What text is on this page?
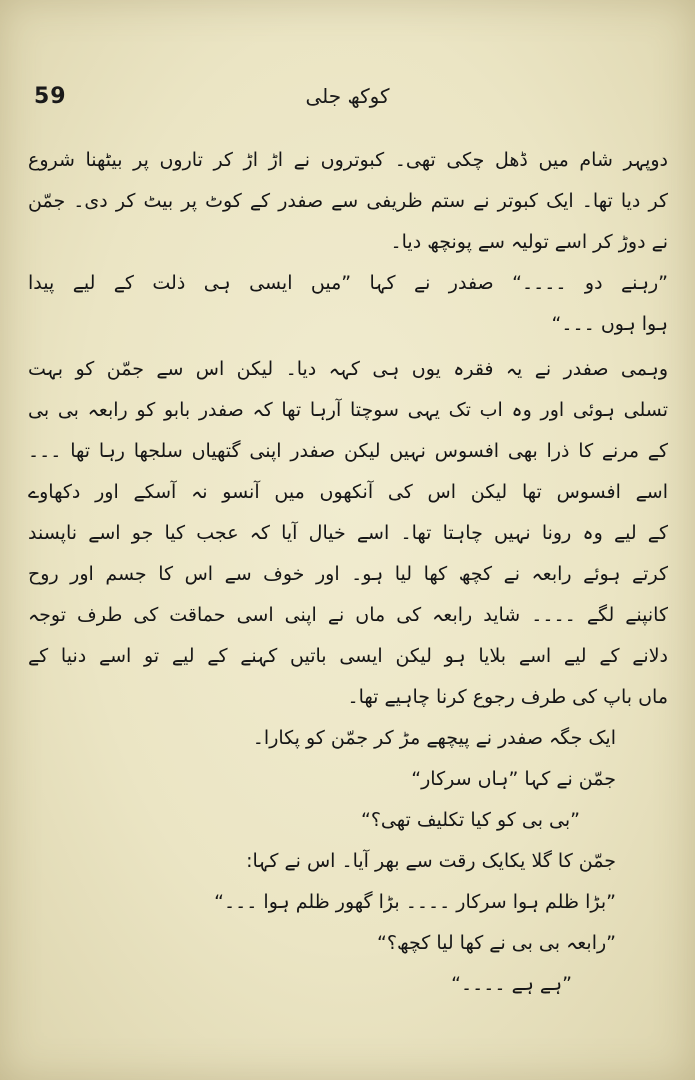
59	کوکھ جلی
دوپہر شام میں ڈھل چکی تھی۔ کبوتروں نے اڑ اڑ کر تاروں پر بیٹھنا شروع
کر دیا تھا۔ ایک کبوتر نے ستم ظریفی سے صفدر کے کوٹ پر بیٹ کر دی۔ جمّن
نے دوڑ کر اسے تولیہ سے پونچھ دیا۔
”رہنے دو ۔۔۔۔“ صفدر نے کہا ”میں ایسی ہی ذلت کے لیے پیدا
ہوا ہوں ۔۔۔“
وہمی صفدر نے یہ فقرہ یوں ہی کہہ دیا۔ لیکن اس سے جمّن کو بہت
تسلی ہوئی اور وہ اب تک یہی سوچتا آرہا تھا کہ صفدر بابو کو رابعہ بی بی
کے مرنے کا ذرا بھی افسوس نہیں لیکن صفدر اپنی گتھیاں سلجھا رہا تھا ۔۔۔
اسے افسوس تھا لیکن اس کی آنکھوں میں آنسو نہ آسکے اور دکھاوے
کے لیے وہ رونا نہیں چاہتا تھا۔ اسے خیال آیا کہ عجب کیا جو اسے ناپسند
کرتے ہوئے رابعہ نے کچھ کھا لیا ہو۔ اور خوف سے اس کا جسم اور روح
کانپنے لگے ۔۔۔۔ شاید رابعہ کی ماں نے اپنی اسی حماقت کی طرف توجہ
دلانے کے لیے اسے بلایا ہو لیکن ایسی باتیں کہنے کے لیے تو اسے دنیا کے
ماں باپ کی طرف رجوع کرنا چاہیے تھا۔
ایک جگہ صفدر نے پیچھے مڑ کر جمّن کو پکارا۔
جمّن نے کہا ”ہاں سرکار“
”بی بی کو کیا تکلیف تھی؟“
جمّن کا گلا یکایک رقت سے بھر آیا۔ اس نے کہا:
”بڑا ظلم ہوا سرکار ۔۔۔۔ بڑا گھور ظلم ہوا ۔۔۔“
”رابعہ بی بی نے کھا لیا کچھ؟“
”ہے ہے ۔۔۔۔“
